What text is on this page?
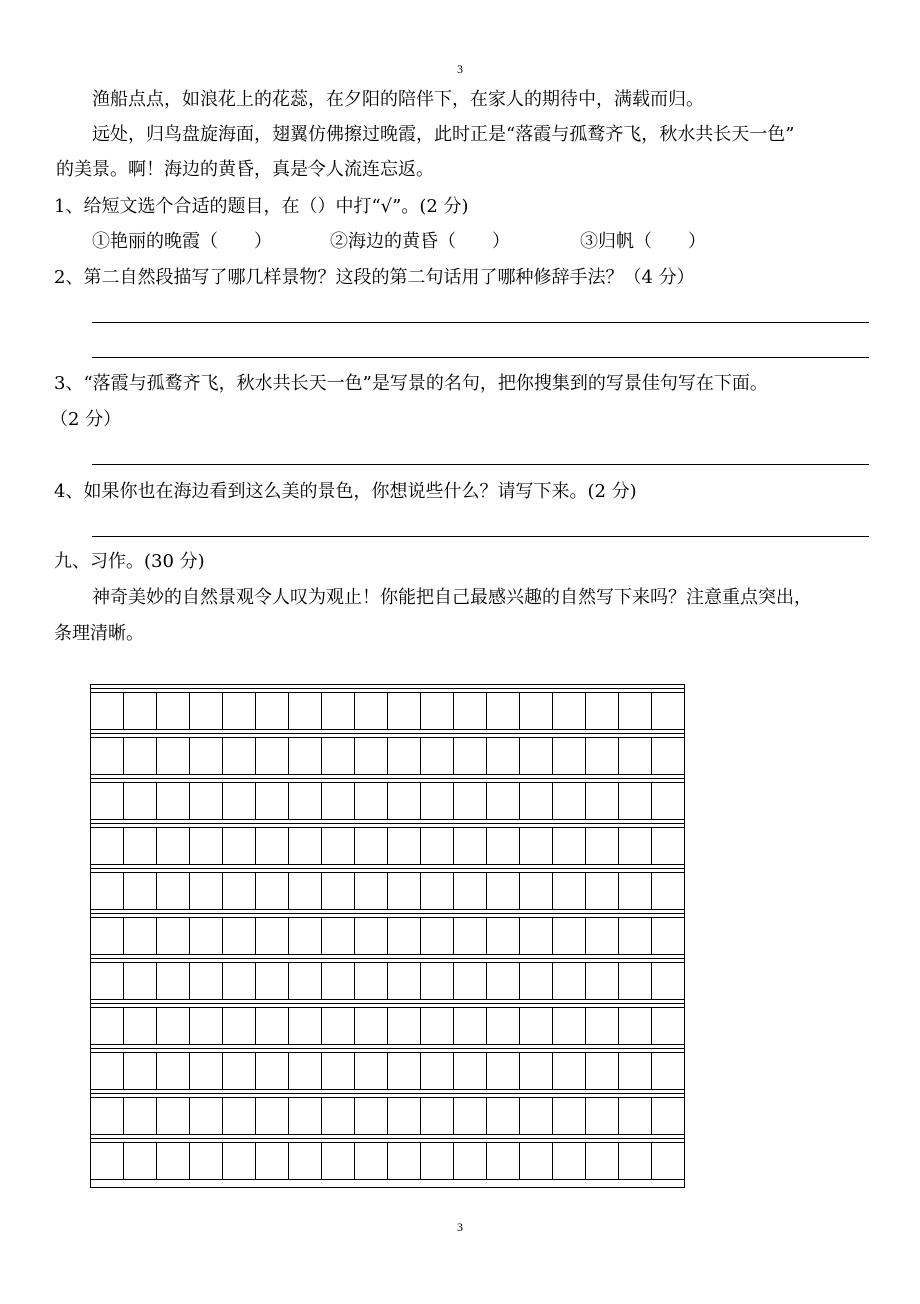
3
渔船点点，如浪花上的花蕊，在夕阳的陪伴下，在家人的期待中，满载而归。
远处，归鸟盘旋海面，翅翼仿佛擦过晚霞，此时正是“落霞与孤鹜齐飞，秋水共长天一色”
的美景。啊！海边的黄昏，真是令人流连忘返。
1、给短文选个合适的题目，在（）中打“√”。(2 分)
①艳丽的晚霞（　　）	②海边的黄昏（　　）	③归帆（　　）
2、第二自然段描写了哪几样景物？这段的第二句话用了哪种修辞手法？（4 分）
3、“落霞与孤鹜齐飞，秋水共长天一色”是写景的名句，把你搜集到的写景佳句写在下面。
（2 分）
4、如果你也在海边看到这么美的景色，你想说些什么？请写下来。(2 分)
九、习作。(30 分)
神奇美妙的自然景观令人叹为观止！你能把自己最感兴趣的自然写下来吗？注意重点突出，
条理清晰。
3
